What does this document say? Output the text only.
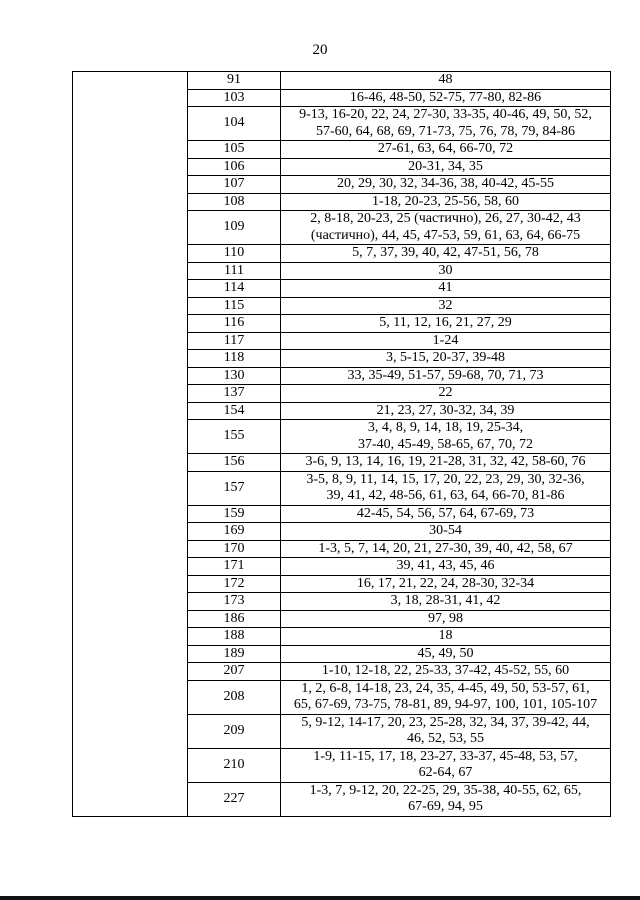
20
	91	48

	103	16-46, 48-50, 52-75, 77-80, 82-86

	104	9-13, 16-20, 22, 24, 27-30, 33-35, 40-46, 49, 50, 52,
57-60, 64, 68, 69, 71-73, 75, 76, 78, 79, 84-86

	105	27-61, 63, 64, 66-70, 72

	106	20-31, 34, 35

	107	20, 29, 30, 32, 34-36, 38, 40-42, 45-55

	108	1-18, 20-23, 25-56, 58, 60

	109	2, 8-18, 20-23, 25 (частично), 26, 27, 30-42, 43
(частично), 44, 45, 47-53, 59, 61, 63, 64, 66-75

	110	5, 7, 37, 39, 40, 42, 47-51, 56, 78

	111	30

	114	41

	115	32

	116	5, 11, 12, 16, 21, 27, 29

	117	1-24

	118	3, 5-15, 20-37, 39-48

	130	33, 35-49, 51-57, 59-68, 70, 71, 73

	137	22

	154	21, 23, 27, 30-32, 34, 39

	155	3, 4, 8, 9, 14, 18, 19, 25-34,
37-40, 45-49, 58-65, 67, 70, 72

	156	3-6, 9, 13, 14, 16, 19, 21-28, 31, 32, 42, 58-60, 76

	157	3-5, 8, 9, 11, 14, 15, 17, 20, 22, 23, 29, 30, 32-36,
39, 41, 42, 48-56, 61, 63, 64, 66-70, 81-86

	159	42-45, 54, 56, 57, 64, 67-69, 73

	169	30-54

	170	1-3, 5, 7, 14, 20, 21, 27-30, 39, 40, 42, 58, 67

	171	39, 41, 43, 45, 46

	172	16, 17, 21, 22, 24, 28-30, 32-34

	173	3, 18, 28-31, 41, 42

	186	97, 98

	188	18

	189	45, 49, 50

	207	1-10, 12-18, 22, 25-33, 37-42, 45-52, 55, 60

	208	1, 2, 6-8, 14-18, 23, 24, 35, 4-45, 49, 50, 53-57, 61,
65, 67-69, 73-75, 78-81, 89, 94-97, 100, 101, 105-107

	209	5, 9-12, 14-17, 20, 23, 25-28, 32, 34, 37, 39-42, 44,
46, 52, 53, 55

	210	1-9, 11-15, 17, 18, 23-27, 33-37, 45-48, 53, 57,
62-64, 67

	227	1-3, 7, 9-12, 20, 22-25, 29, 35-38, 40-55, 62, 65,
67-69, 94, 95
